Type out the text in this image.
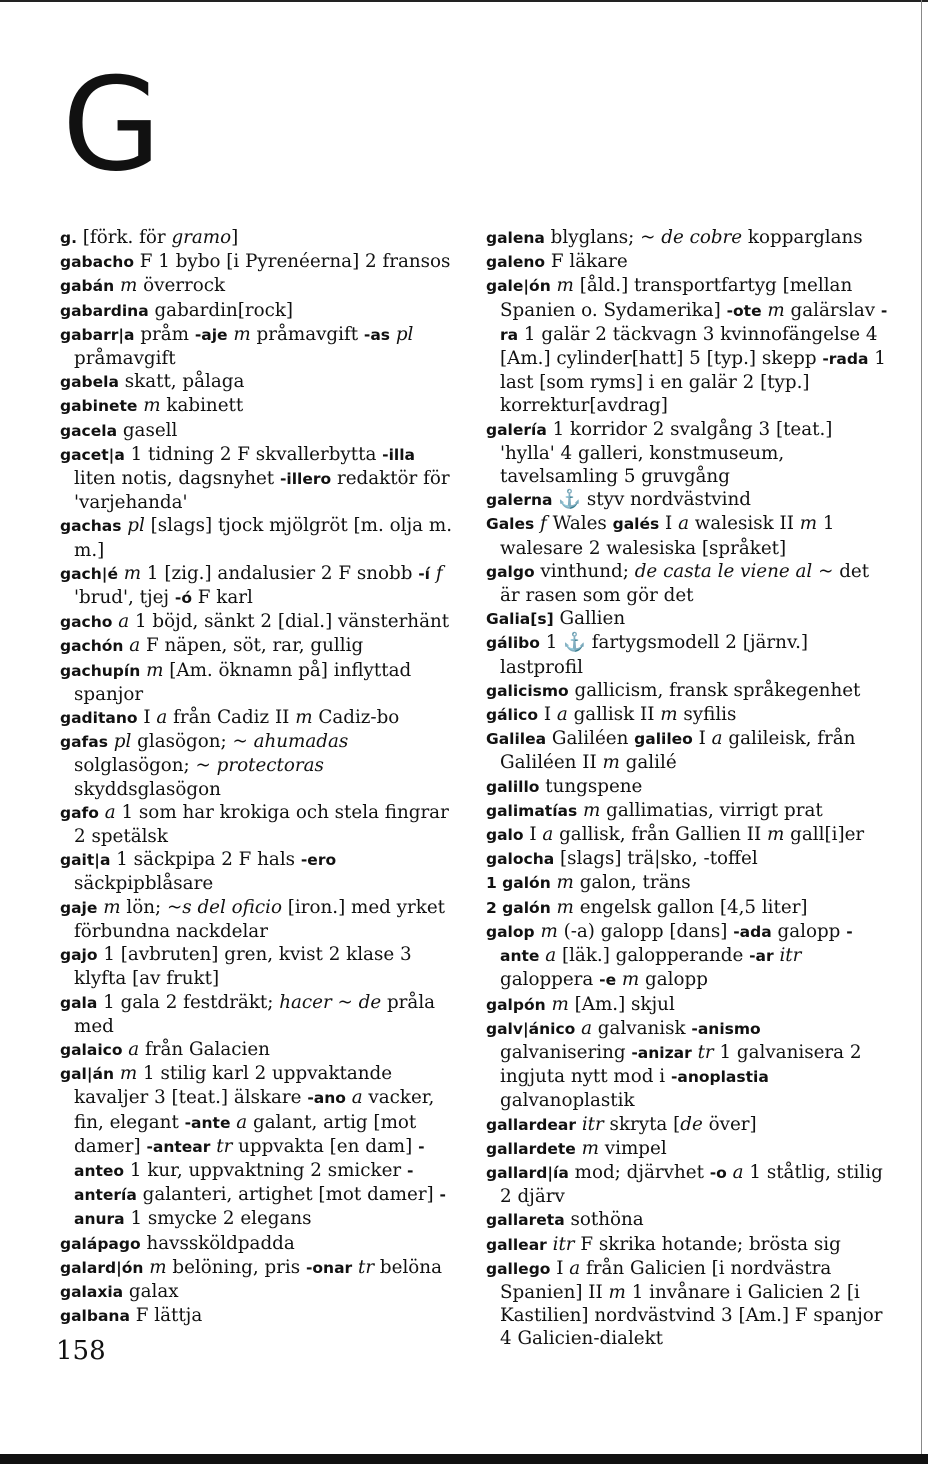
G
g. [förk. för gramo]
gabacho F 1 bybo [i Pyrenéerna] 2 fransos
gabán m överrock
gabardina gabardin[rock]
gabarr|a pråm -aje m pråmavgift -as pl pråmavgift
gabela skatt, pålaga
gabinete m kabinett
gacela gasell
gacet|a 1 tidning 2 F skvallerbytta -illa liten notis, dagsnyhet -illero redaktör för 'varjehanda'
gachas pl [slags] tjock mjölgröt [m. olja m. m.]
gach|é m 1 [zig.] andalusier 2 F snobb -í f 'brud', tjej -ó F karl
gacho a 1 böjd, sänkt 2 [dial.] vänsterhänt
gachón a F näpen, söt, rar, gullig
gachupín m [Am. öknamn på] inflyttad spanjor
gaditano I a från Cadiz II m Cadiz-bo
gafas pl glasögon; ~ ahumadas solglasögon; ~ protectoras skyddsglasögon
gafo a 1 som har krokiga och stela fingrar 2 spetälsk
gait|a 1 säckpipa 2 F hals -ero säckpipblåsare
gaje m lön; ~s del oficio [iron.] med yrket förbundna nackdelar
gajo 1 [avbruten] gren, kvist 2 klase 3 klyfta [av frukt]
gala 1 gala 2 festdräkt; hacer ~ de pråla med
galaico a från Galacien
gal|án m 1 stilig karl 2 uppvaktande kavaljer 3 [teat.] älskare -ano a vacker, fin, elegant -ante a galant, artig [mot damer] -antear tr uppvakta [en dam] -anteo 1 kur, uppvaktning 2 smicker -antería galanteri, artighet [mot damer] -anura 1 smycke 2 elegans
galápago havssköldpadda
galard|ón m belöning, pris -onar tr belöna
galaxia galax
galbana F lättja
galena blyglans; ~ de cobre kopparglans
galeno F läkare
gale|ón m [åld.] transportfartyg [mellan Spanien o. Sydamerika] -ote m galärslav -ra 1 galär 2 täckvagn 3 kvinnofängelse 4 [Am.] cylinder[hatt] 5 [typ.] skepp -rada 1 last [som ryms] i en galär 2 [typ.] korrektur[avdrag]
galería 1 korridor 2 svalgång 3 [teat.] 'hylla' 4 galleri, konstmuseum, tavelsamling 5 gruvgång
galerna ⚓ styv nordvästvind
Gales f Wales galés I a walesisk II m 1 walesare 2 walesiska [språket]
galgo vinthund; de casta le viene al ~ det är rasen som gör det
Galia[s] Gallien
gálibo 1 ⚓ fartygsmodell 2 [järnv.] lastprofil
galicismo gallicism, fransk språkegenhet
gálico I a gallisk II m syfilis
Galilea Galiléen galileo I a galileisk, från Galiléen II m galilé
galillo tungspene
galimatías m gallimatias, virrigt prat
galo I a gallisk, från Gallien II m gall[i]er
galocha [slags] trä|sko, -toffel
1 galón m galon, träns
2 galón m engelsk gallon [4,5 liter]
galop m (-a) galopp [dans] -ada galopp -ante a [läk.] galopperande -ar itr galoppera -e m galopp
galpón m [Am.] skjul
galv|ánico a galvanisk -anismo galvanisering -anizar tr 1 galvanisera 2 ingjuta nytt mod i -anoplastia galvanoplastik
gallardear itr skryta [de över]
gallardete m vimpel
gallard|ía mod; djärvhet -o a 1 ståtlig, stilig 2 djärv
gallareta sothöna
gallear itr F skrika hotande; brösta sig
gallego I a från Galicien [i nordvästra Spanien] II m 1 invånare i Galicien 2 [i Kastilien] nordvästvind 3 [Am.] F spanjor 4 Galicien-dialekt
158
